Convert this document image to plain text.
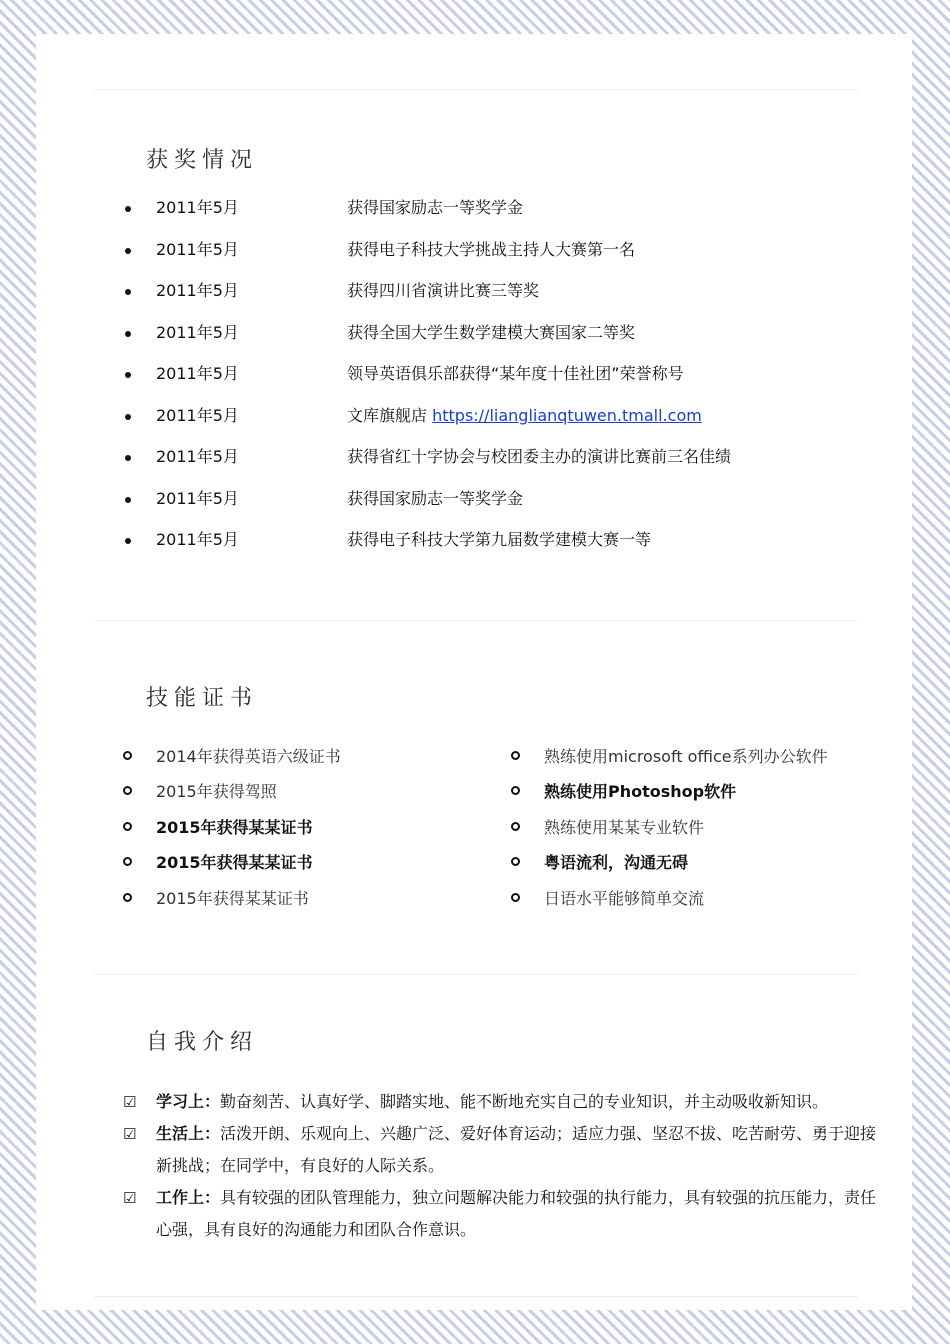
获奖情况
2011年5月	获得国家励志一等奖学金
2011年5月	获得电子科技大学挑战主持人大赛第一名
2011年5月	获得四川省演讲比赛三等奖
2011年5月	获得全国大学生数学建模大赛国家二等奖
2011年5月	领导英语俱乐部获得“某年度十佳社团”荣誉称号
2011年5月	文库旗舰店 https://lianglianqtuwen.tmall.com
2011年5月	获得省红十字协会与校团委主办的演讲比赛前三名佳绩
2011年5月	获得国家励志一等奖学金
2011年5月	获得电子科技大学第九届数学建模大赛一等
技能证书
2014年获得英语六级证书
2015年获得驾照
2015年获得某某证书
2015年获得某某证书
2015年获得某某证书
熟练使用microsoft office系列办公软件
熟练使用Photoshop软件
熟练使用某某专业软件
粤语流利，沟通无碍
日语水平能够简单交流
自我介绍
☑ 学习上：勤奋刻苦、认真好学、脚踏实地、能不断地充实自己的专业知识，并主动吸收新知识。
☑ 生活上：活泼开朗、乐观向上、兴趣广泛、爱好体育运动；适应力强、坚忍不拔、吃苦耐劳、勇于迎接新挑战；在同学中，有良好的人际关系。
☑ 工作上：具有较强的团队管理能力，独立问题解决能力和较强的执行能力，具有较强的抗压能力，责任心强，具有良好的沟通能力和团队合作意识。
